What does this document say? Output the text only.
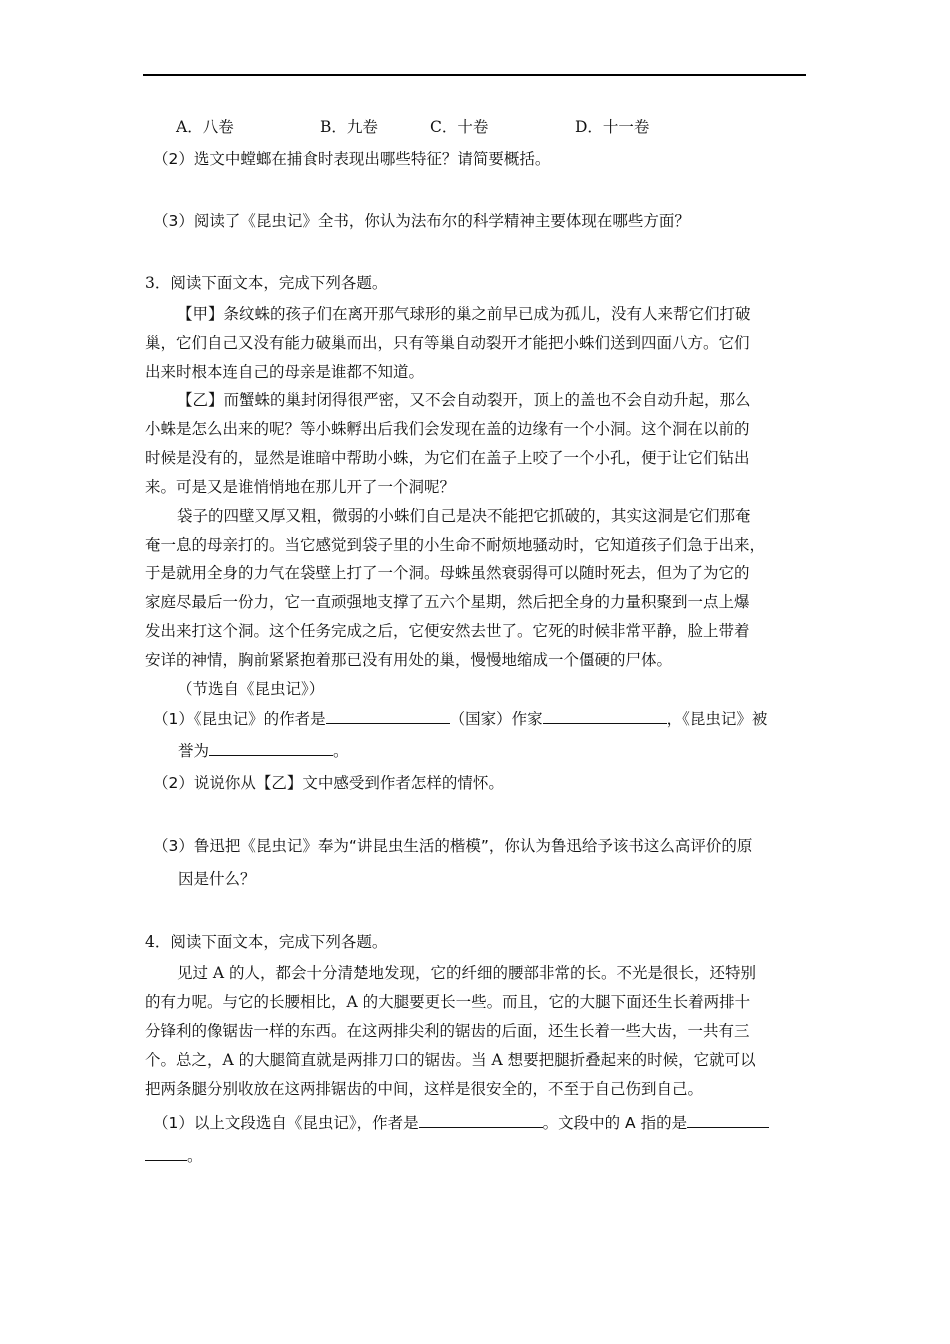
A．八卷	B．九卷	C．十卷	D．十一卷
（2）选文中螳螂在捕食时表现出哪些特征？请简要概括。
（3）阅读了《昆虫记》全书，你认为法布尔的科学精神主要体现在哪些方面？
3．阅读下面文本，完成下列各题。
【甲】条纹蛛的孩子们在离开那气球形的巢之前早已成为孤儿，没有人来帮它们打破
巢，它们自己又没有能力破巢而出，只有等巢自动裂开才能把小蛛们送到四面八方。它们
出来时根本连自己的母亲是谁都不知道。
【乙】而蟹蛛的巢封闭得很严密，又不会自动裂开，顶上的盖也不会自动升起，那么
小蛛是怎么出来的呢？等小蛛孵出后我们会发现在盖的边缘有一个小洞。这个洞在以前的
时候是没有的，显然是谁暗中帮助小蛛，为它们在盖子上咬了一个小孔，便于让它们钻出
来。可是又是谁悄悄地在那儿开了一个洞呢？
袋子的四壁又厚又粗，微弱的小蛛们自己是决不能把它抓破的，其实这洞是它们那奄
奄一息的母亲打的。当它感觉到袋子里的小生命不耐烦地骚动时，它知道孩子们急于出来，
于是就用全身的力气在袋壁上打了一个洞。母蛛虽然衰弱得可以随时死去，但为了为它的
家庭尽最后一份力，它一直顽强地支撑了五六个星期，然后把全身的力量积聚到一点上爆
发出来打这个洞。这个任务完成之后，它便安然去世了。它死的时候非常平静，脸上带着
安详的神情，胸前紧紧抱着那已没有用处的巢，慢慢地缩成一个僵硬的尸体。
（节选自《昆虫记》）
（1）《昆虫记》的作者是	（国家）作家	，《昆虫记》被
誉为	。
（2）说说你从【乙】文中感受到作者怎样的情怀。
（3）鲁迅把《昆虫记》奉为“讲昆虫生活的楷模”，你认为鲁迅给予该书这么高评价的原
因是什么？
4．阅读下面文本，完成下列各题。
见过 A 的人，都会十分清楚地发现，它的纤细的腰部非常的长。不光是很长，还特别
的有力呢。与它的长腰相比，A 的大腿要更长一些。而且，它的大腿下面还生长着两排十
分锋利的像锯齿一样的东西。在这两排尖利的锯齿的后面，还生长着一些大齿，一共有三
个。总之，A 的大腿简直就是两排刀口的锯齿。当 A 想要把腿折叠起来的时候，它就可以
把两条腿分别收放在这两排锯齿的中间，这样是很安全的，不至于自己伤到自己。
（1）以上文段选自《昆虫记》，作者是	。文段中的 A 指的是
。
